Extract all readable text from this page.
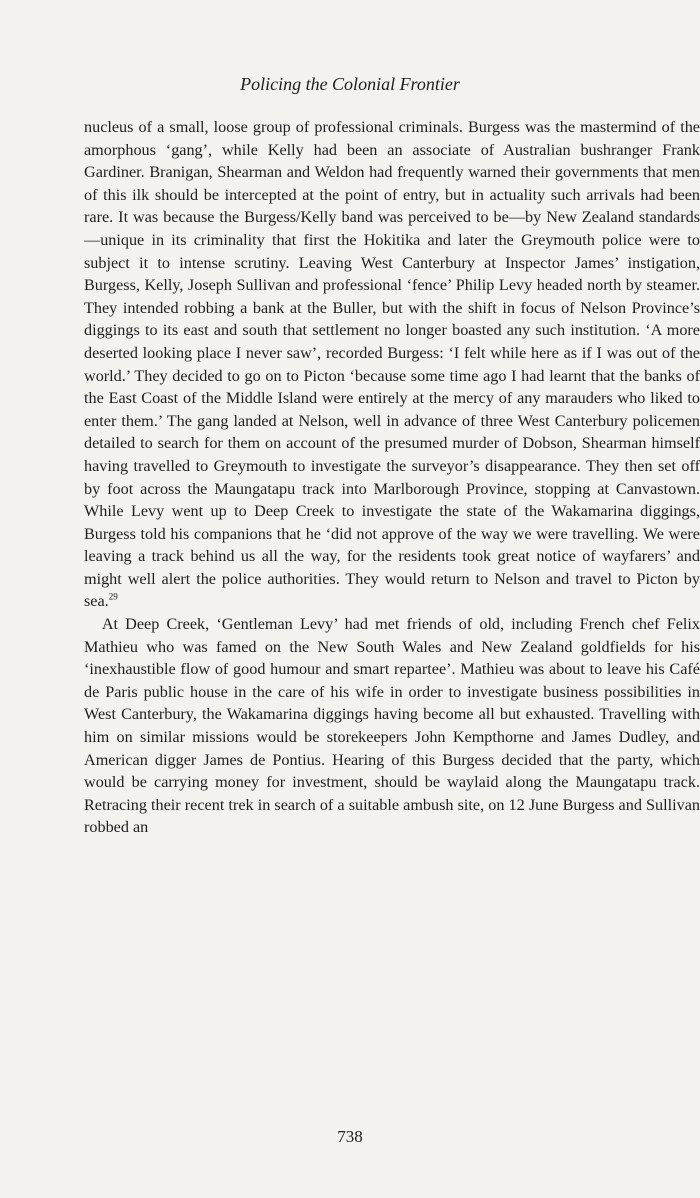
Policing the Colonial Frontier

nucleus of a small, loose group of professional criminals. Burgess was the mastermind of the amorphous ‘gang’, while Kelly had been an associate of Australian bushranger Frank Gardiner. Branigan, Shearman and Weldon had frequently warned their governments that men of this ilk should be intercepted at the point of entry, but in actuality such arrivals had been rare. It was because the Burgess/Kelly band was perceived to be—by New Zealand standards—unique in its criminality that first the Hokitika and later the Greymouth police were to subject it to intense scrutiny. Leaving West Canterbury at Inspector James’ instigation, Burgess, Kelly, Joseph Sullivan and professional ‘fence’ Philip Levy headed north by steamer. They intended robbing a bank at the Buller, but with the shift in focus of Nelson Province’s diggings to its east and south that settlement no longer boasted any such institution. ‘A more deserted looking place I never saw’, recorded Burgess: ‘I felt while here as if I was out of the world.’ They decided to go on to Picton ‘because some time ago I had learnt that the banks of the East Coast of the Middle Island were entirely at the mercy of any marauders who liked to enter them.’ The gang landed at Nelson, well in advance of three West Canterbury policemen detailed to search for them on account of the presumed murder of Dobson, Shearman himself having travelled to Greymouth to investigate the surveyor’s disappearance. They then set off by foot across the Maungatapu track into Marlborough Province, stopping at Canvastown. While Levy went up to Deep Creek to investigate the state of the Wakamarina diggings, Burgess told his companions that he ‘did not approve of the way we were travelling. We were leaving a track behind us all the way, for the residents took great notice of wayfarers’ and might well alert the police authorities. They would return to Nelson and travel to Picton by sea.$^{29}$

At Deep Creek, ‘Gentleman Levy’ had met friends of old, including French chef Felix Mathieu who was famed on the New South Wales and New Zealand goldfields for his ‘inexhaustible flow of good humour and smart repartee’. Mathieu was about to leave his Café de Paris public house in the care of his wife in order to investigate business possibilities in West Canterbury, the Wakamarina diggings having become all but exhausted. Travelling with him on similar missions would be storekeepers John Kempthorne and James Dudley, and American digger James de Pontius. Hearing of this Burgess decided that the party, which would be carrying money for investment, should be waylaid along the Maungatapu track. Retracing their recent trek in search of a suitable ambush site, on 12 June Burgess and Sullivan robbed an

738
